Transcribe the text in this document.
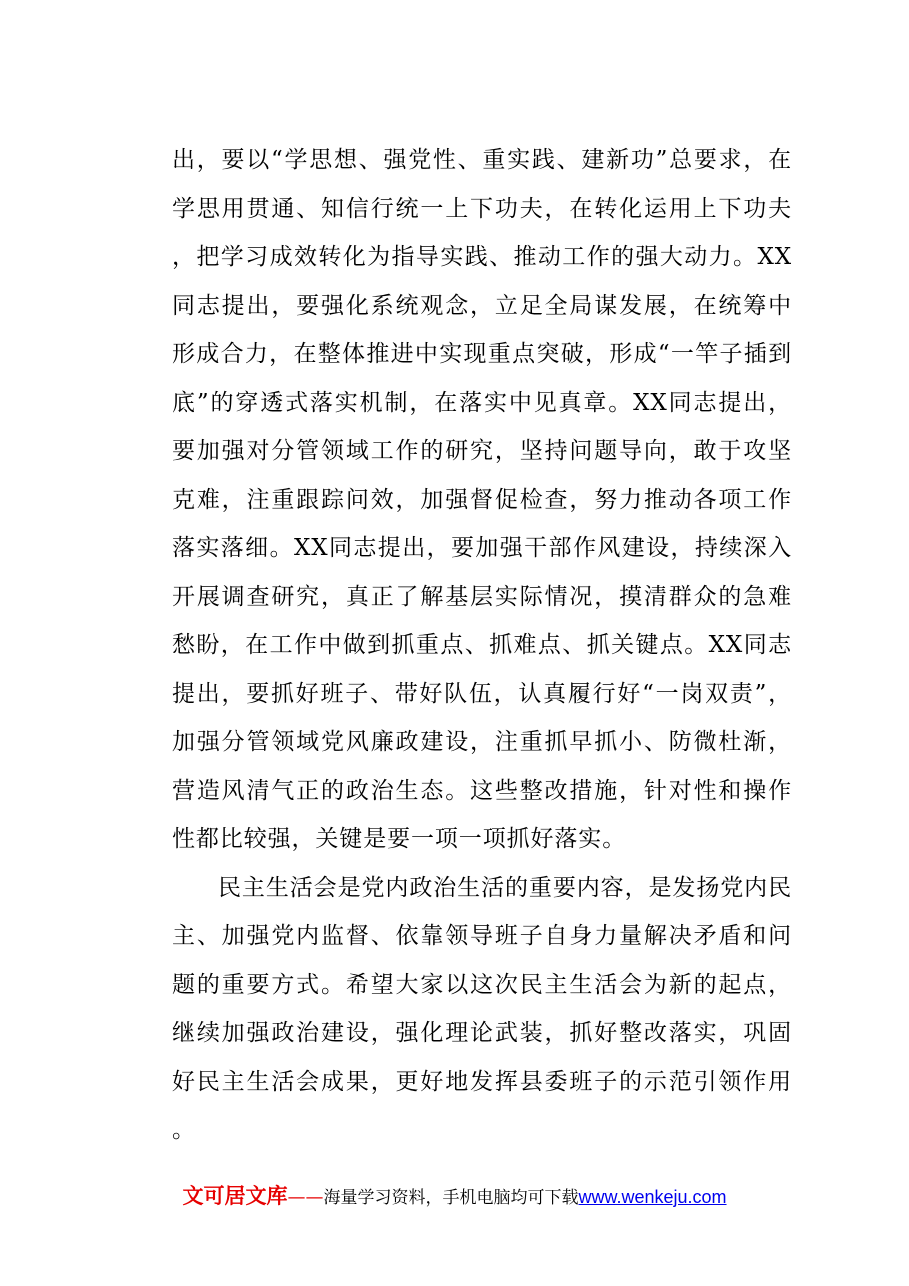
出，要以“学思想、强党性、重实践、建新功”总要求，在学思用贯通、知信行统一上下功夫，在转化运用上下功夫，把学习成效转化为指导实践、推动工作的强大动力。XX同志提出，要强化系统观念，立足全局谋发展，在统筹中形成合力，在整体推进中实现重点突破，形成“一竿子插到底”的穿透式落实机制，在落实中见真章。XX同志提出，要加强对分管领域工作的研究，坚持问题导向，敢于攻坚克难，注重跟踪问效，加强督促检查，努力推动各项工作落实落细。XX同志提出，要加强干部作风建设，持续深入开展调查研究，真正了解基层实际情况，摸清群众的急难愁盼，在工作中做到抓重点、抓难点、抓关键点。XX同志提出，要抓好班子、带好队伍，认真履行好“一岗双责”，加强分管领域党风廉政建设，注重抓早抓小、防微杜渐，营造风清气正的政治生态。这些整改措施，针对性和操作性都比较强，关键是要一项一项抓好落实。

民主生活会是党内政治生活的重要内容，是发扬党内民主、加强党内监督、依靠领导班子自身力量解决矛盾和问题的重要方式。希望大家以这次民主生活会为新的起点，继续加强政治建设，强化理论武装，抓好整改落实，巩固好民主生活会成果，更好地发挥县委班子的示范引领作用。

文可居文库——海量学习资料，手机电脑均可下载www.wenkeju.com
